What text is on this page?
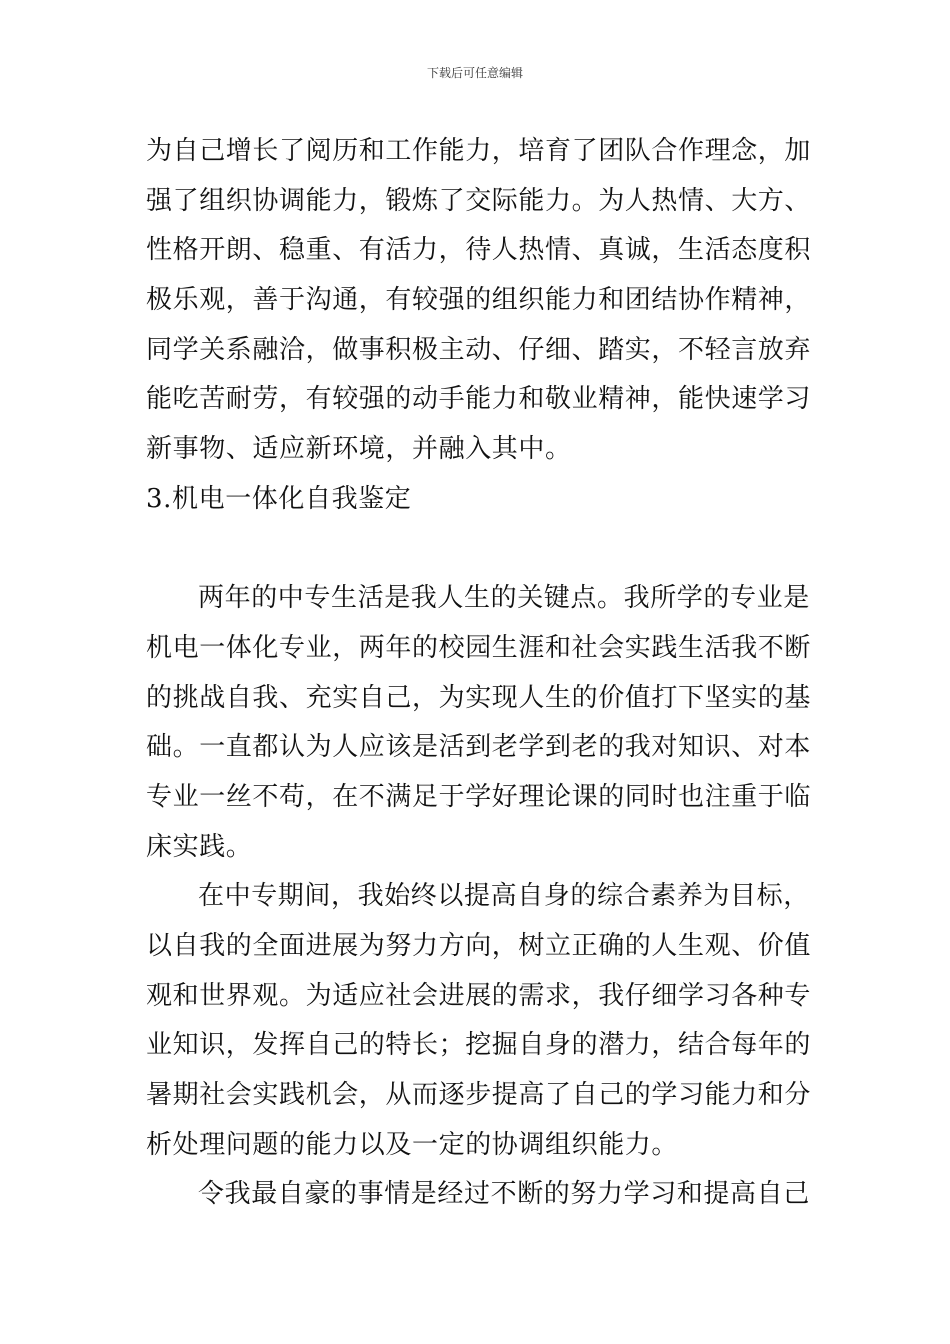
下载后可任意编辑
为自己增长了阅历和工作能力，培育了团队合作理念，加
强了组织协调能力，锻炼了交际能力。为人热情、大方、
性格开朗、稳重、有活力，待人热情、真诚，生活态度积
极乐观，善于沟通，有较强的组织能力和团结协作精神，
同学关系融洽，做事积极主动、仔细、踏实，不轻言放弃
能吃苦耐劳，有较强的动手能力和敬业精神，能快速学习
新事物、适应新环境，并融入其中。
3.机电一体化自我鉴定
两年的中专生活是我人生的关键点。我所学的专业是
机电一体化专业，两年的校园生涯和社会实践生活我不断
的挑战自我、充实自己，为实现人生的价值打下坚实的基
础。一直都认为人应该是活到老学到老的我对知识、对本
专业一丝不苟，在不满足于学好理论课的同时也注重于临
床实践。
在中专期间，我始终以提高自身的综合素养为目标，
以自我的全面进展为努力方向，树立正确的人生观、价值
观和世界观。为适应社会进展的需求，我仔细学习各种专
业知识，发挥自己的特长；挖掘自身的潜力，结合每年的
暑期社会实践机会，从而逐步提高了自己的学习能力和分
析处理问题的能力以及一定的协调组织能力。
令我最自豪的事情是经过不断的努力学习和提高自己
